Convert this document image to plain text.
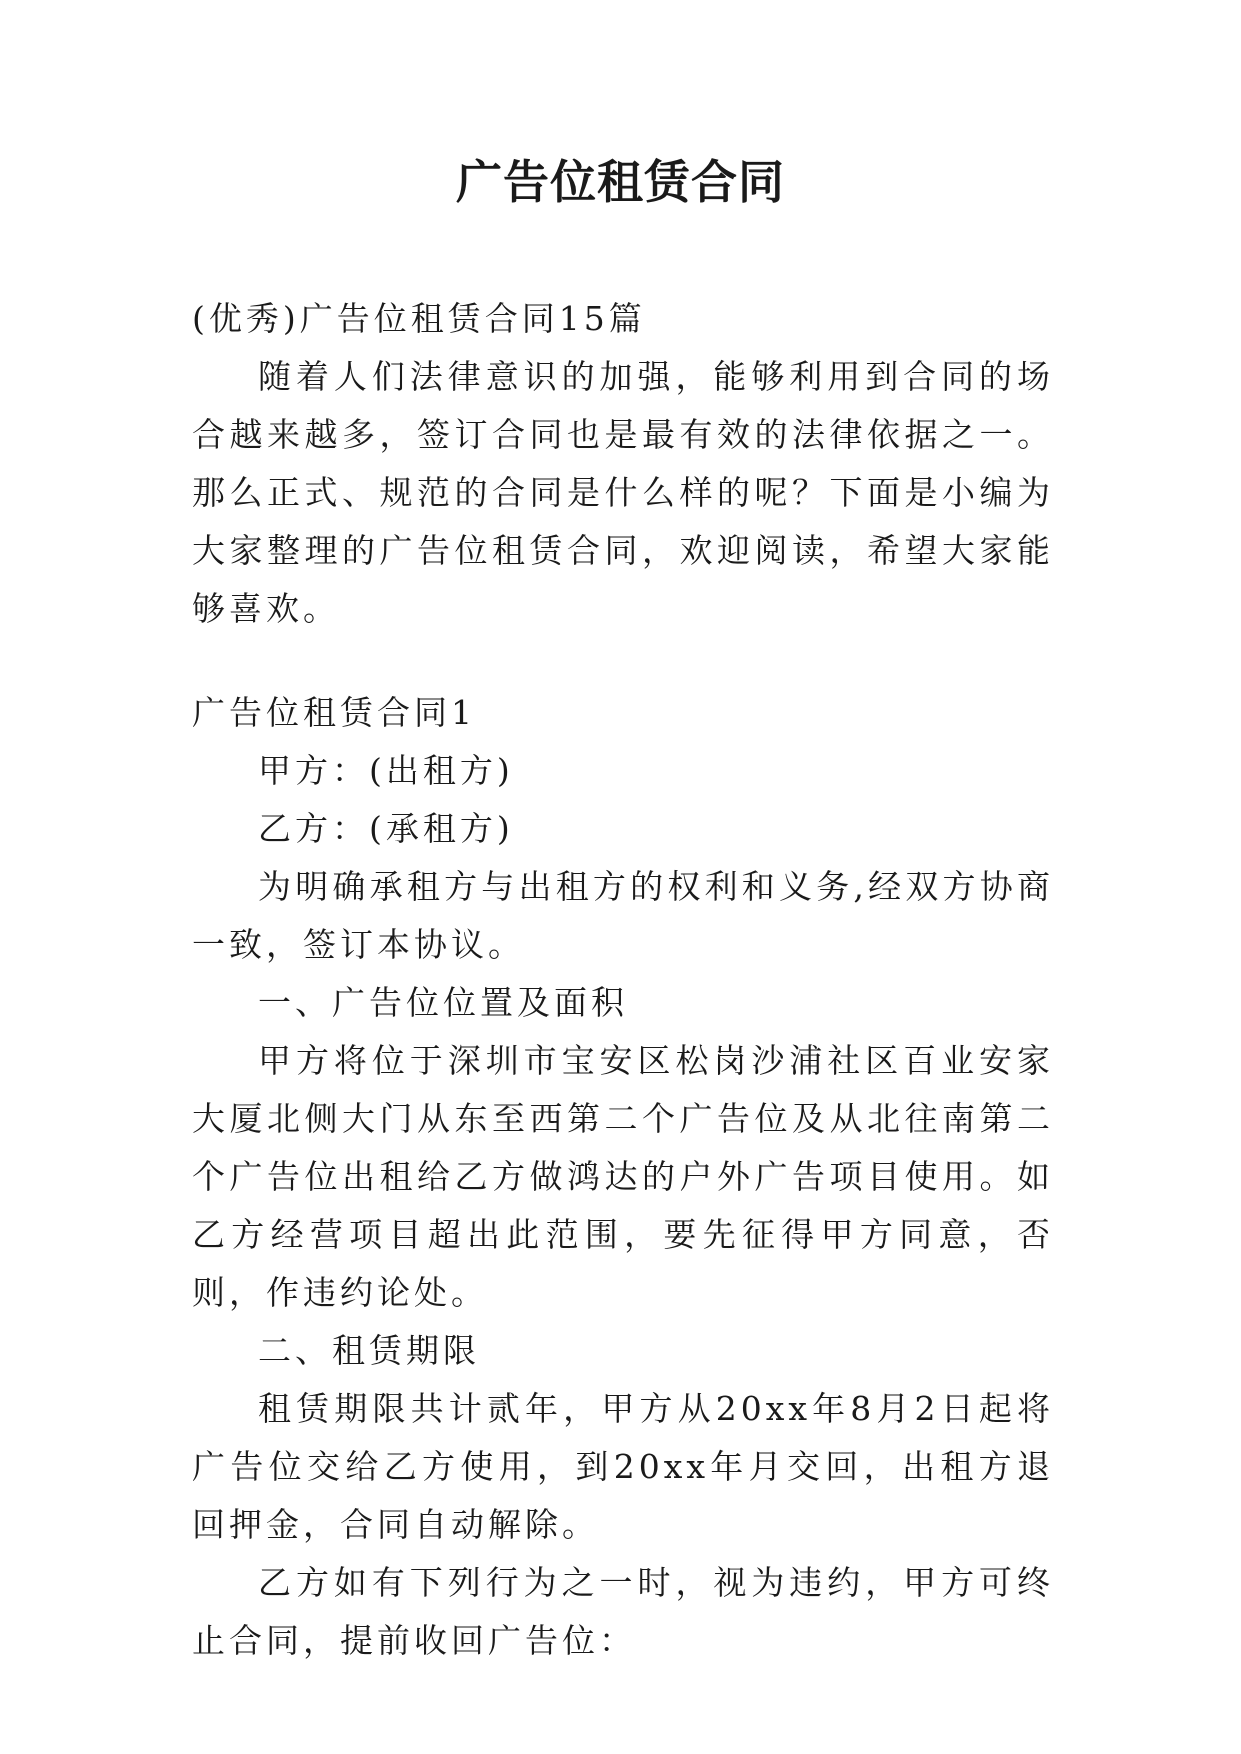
广告位租赁合同

(优秀)广告位租赁合同15篇

随着人们法律意识的加强，能够利用到合同的场合越来越多，签订合同也是最有效的法律依据之一。那么正式、规范的合同是什么样的呢？下面是小编为大家整理的广告位租赁合同，欢迎阅读，希望大家能够喜欢。

广告位租赁合同1

甲方：(出租方)

乙方：(承租方)

为明确承租方与出租方的权利和义务,经双方协商一致，签订本协议。

一、广告位位置及面积

甲方将位于深圳市宝安区松岗沙浦社区百业安家大厦北侧大门从东至西第二个广告位及从北往南第二个广告位出租给乙方做鸿达的户外广告项目使用。如乙方经营项目超出此范围，要先征得甲方同意，否则，作违约论处。

二、租赁期限

租赁期限共计贰年，甲方从20xx年8月2日起将广告位交给乙方使用，到20xx年月交回，出租方退回押金，合同自动解除。

乙方如有下列行为之一时，视为违约，甲方可终止合同，提前收回广告位：
